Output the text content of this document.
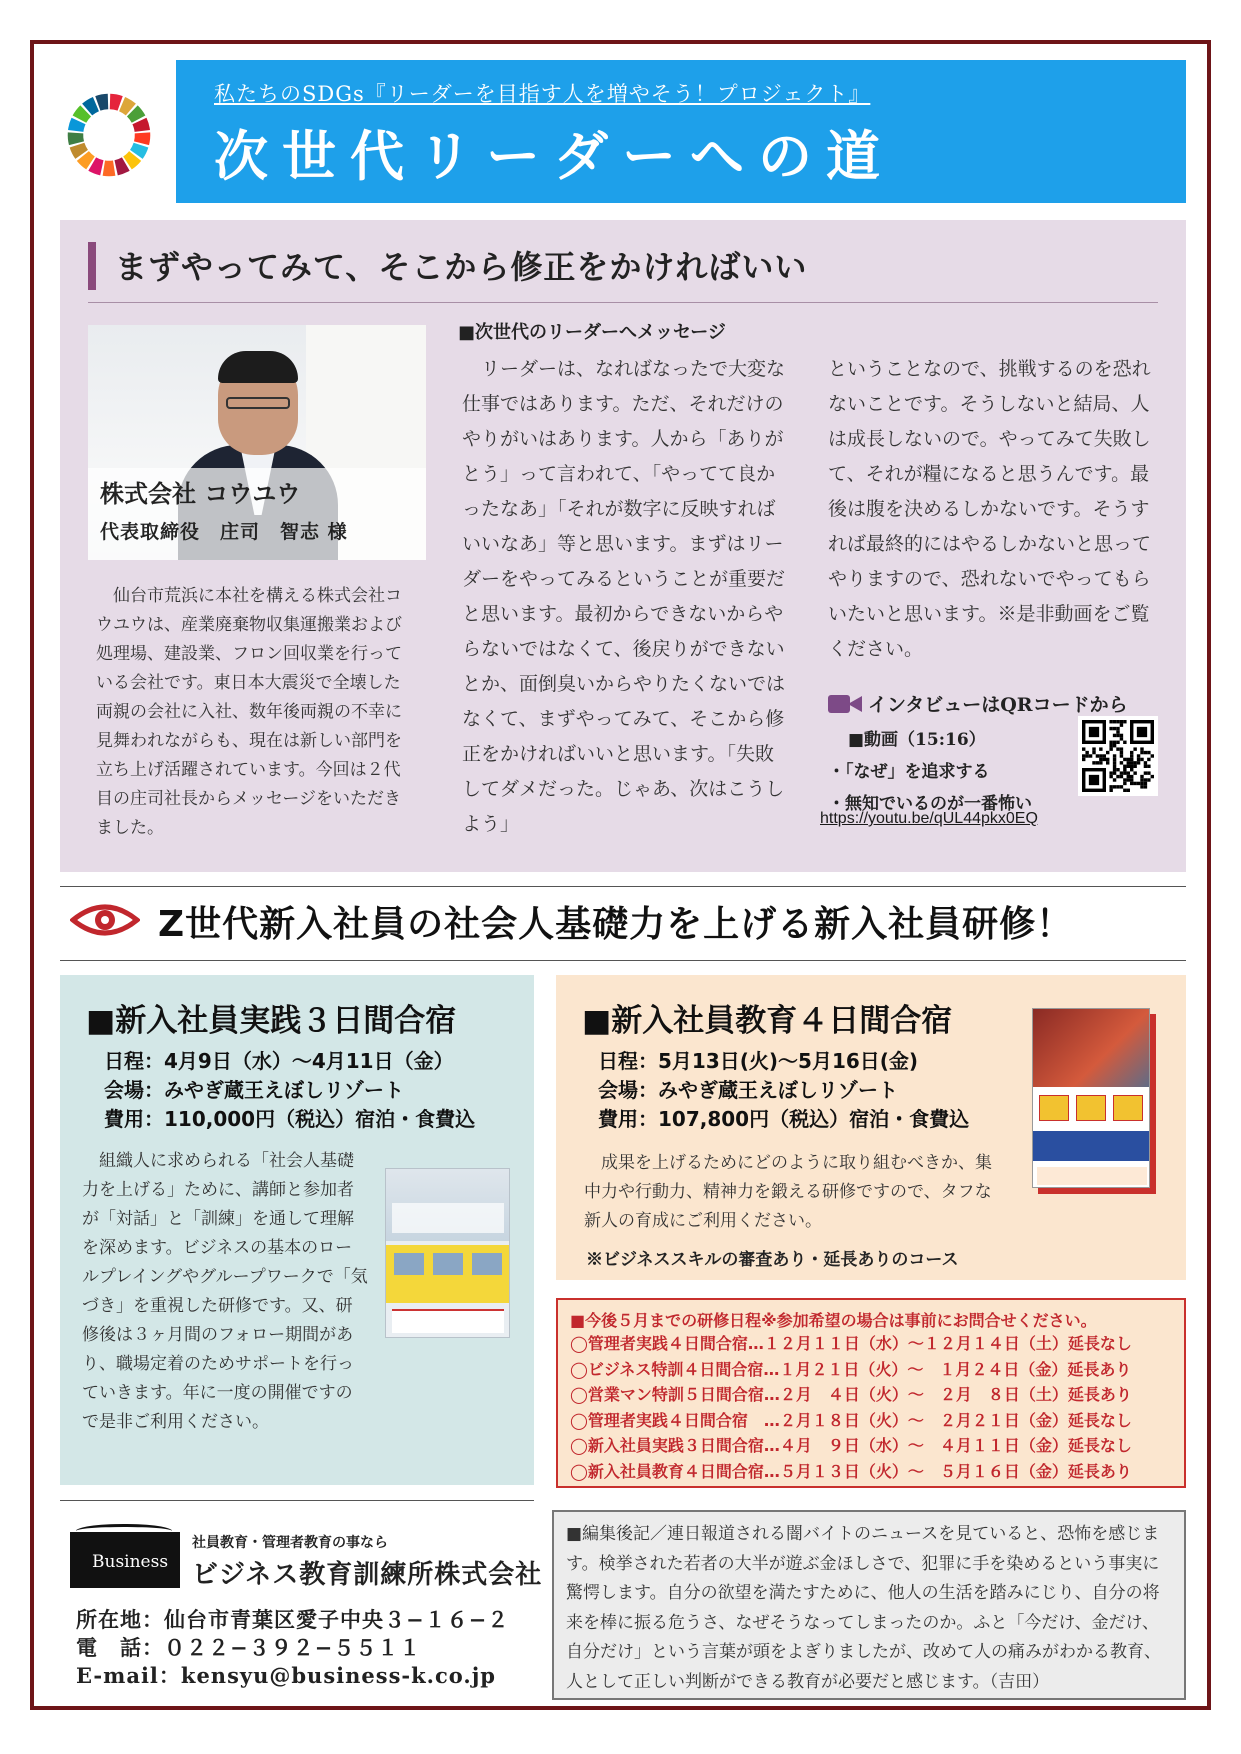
私たちのSDGs『リーダーを目指す人を増やそう！プロジェクト』
次世代リーダーへの道
まずやってみて、そこから修正をかければいい
株式会社 コウユウ
代表取締役　庄司　智志 様
仙台市荒浜に本社を構える株式会社コウユウは、産業廃棄物収集運搬業および処理場、建設業、フロン回収業を行っている会社です。東日本大震災で全壊した両親の会社に入社、数年後両親の不幸に見舞われながらも、現在は新しい部門を立ち上げ活躍されています。今回は２代目の庄司社長からメッセージをいただきました。
■次世代のリーダーへメッセージ
リーダーは、なればなったで大変な仕事ではあります。ただ、それだけのやりがいはあります。人から「ありがとう」って言われて、「やってて良かったなあ」「それが数字に反映すればいいなあ」等と思います。まずはリーダーをやってみるということが重要だと思います。最初からできないからやらないではなくて、後戻りができないとか、面倒臭いからやりたくないではなくて、まずやってみて、そこから修正をかければいいと思います。「失敗してダメだった。じゃあ、次はこうしよう」
ということなので、挑戦するのを恐れないことです。そうしないと結局、人は成長しないので。やってみて失敗して、それが糧になると思うんです。最後は腹を決めるしかないです。そうすれば最終的にはやるしかないと思ってやりますので、恐れないでやってもらいたいと思います。※是非動画をご覧ください。
インタビューはQRコードから
■動画（15:16）
・「なぜ」を追求する
・無知でいるのが一番怖い
https://youtu.be/qUL44pkx0EQ
Z世代新入社員の社会人基礎力を上げる新入社員研修！
■新入社員実践３日間合宿
日程：4月9日（水）〜4月11日（金）
会場：みやぎ蔵王えぼしリゾート
費用：110,000円（税込）宿泊・食費込
組織人に求められる「社会人基礎力を上げる」ために、講師と参加者が「対話」と「訓練」を通して理解を深めます。ビジネスの基本のロールプレイングやグループワークで「気づき」を重視した研修です。又、研修後は３ヶ月間のフォロー期間があり、職場定着のためサポートを行っていきます。年に一度の開催ですので是非ご利用ください。
■新入社員教育４日間合宿
日程：5月13日(火)〜5月16日(金)
会場：みやぎ蔵王えぼしリゾート
費用：107,800円（税込）宿泊・食費込
成果を上げるためにどのように取り組むべきか、集中力や行動力、精神力を鍛える研修ですので、タフな新人の育成にご利用ください。
※ビジネススキルの審査あり・延長ありのコース
■今後５月までの研修日程※参加希望の場合は事前にお問合せください。
◯管理者実践４日間合宿…１２月１１日（水）〜１２月１４日（土）延長なし
◯ビジネス特訓４日間合宿…１月２１日（火）〜　１月２４日（金）延長あり
◯営業マン特訓５日間合宿…２月　４日（火）〜　２月　８日（土）延長あり
◯管理者実践４日間合宿　…２月１８日（火）〜　２月２１日（金）延長なし
◯新入社員実践３日間合宿…４月　９日（水）〜　４月１１日（金）延長なし
◯新入社員教育４日間合宿…５月１３日（火）〜　５月１６日（金）延長あり
Business
社員教育・管理者教育の事なら
ビジネス教育訓練所株式会社
所在地：仙台市青葉区愛子中央３−１６−２
電　話：０２２−３９２−５５１１
E-mail：kensyu@business-k.co.jp
■編集後記／連日報道される闇バイトのニュースを見ていると、恐怖を感じます。検挙された若者の大半が遊ぶ金ほしさで、犯罪に手を染めるという事実に驚愕します。自分の欲望を満たすために、他人の生活を踏みにじり、自分の将来を棒に振る危うさ、なぜそうなってしまったのか。ふと「今だけ、金だけ、自分だけ」という言葉が頭をよぎりましたが、改めて人の痛みがわかる教育、人として正しい判断ができる教育が必要だと感じます。（吉田）
